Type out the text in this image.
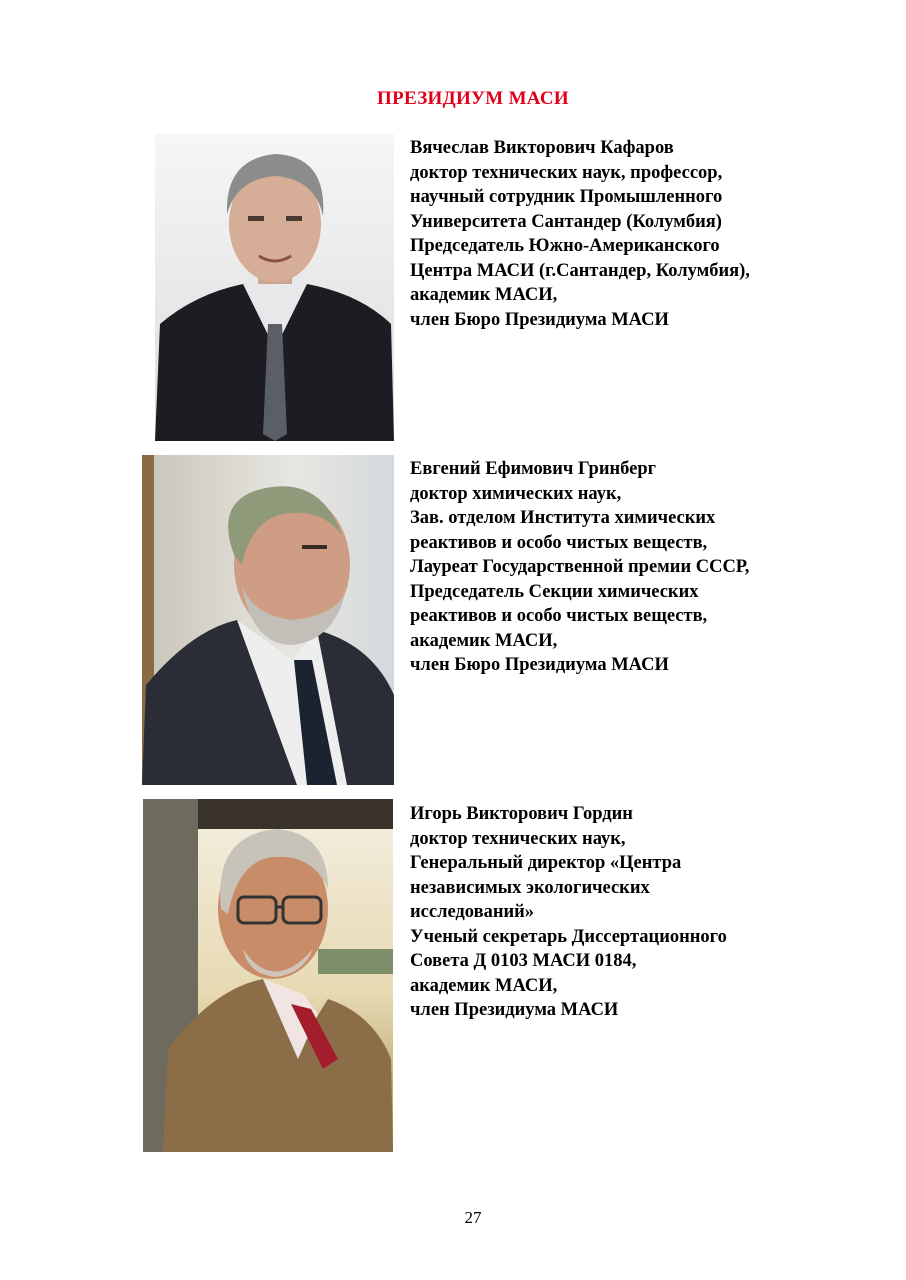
ПРЕЗИДИУМ МАСИ
Вячеслав Викторович Кафаров
доктор технических наук, профессор,
научный сотрудник Промышленного
Университета Сантандер (Колумбия)
Председатель Южно-Американского
Центра МАСИ (г.Сантандер, Колумбия),
академик МАСИ,
член Бюро Президиума МАСИ
Евгений Ефимович Гринберг
доктор химических наук,
Зав. отделом Института химических
реактивов и особо чистых веществ,
Лауреат Государственной премии СССР,
Председатель Секции химических
реактивов и особо чистых веществ,
академик МАСИ,
член Бюро Президиума МАСИ
Игорь Викторович Гордин
доктор технических наук,
Генеральный директор «Центра
независимых экологических
исследований»
Ученый секретарь Диссертационного
Совета Д 0103 МАСИ 0184,
академик МАСИ,
член Президиума МАСИ
27
